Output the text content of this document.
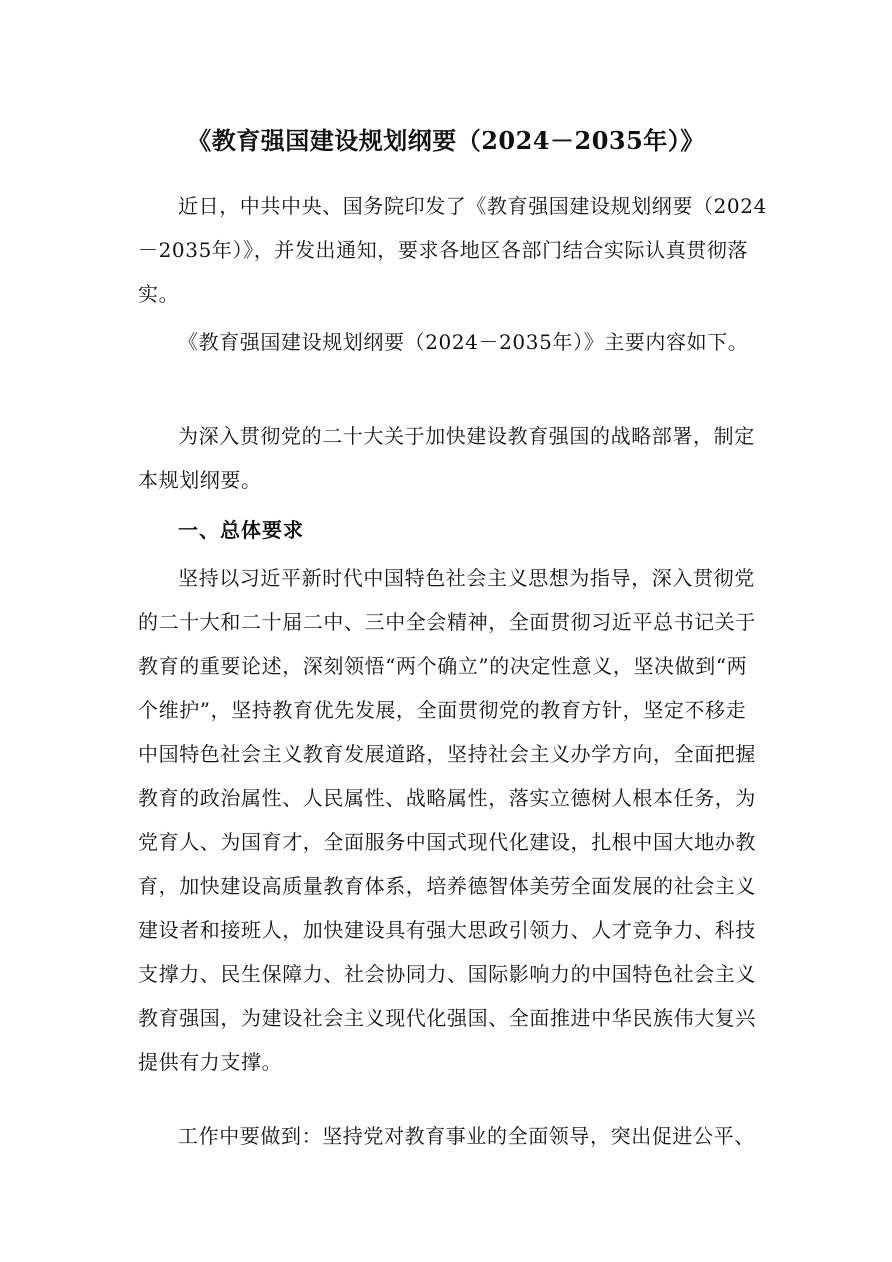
《教育强国建设规划纲要（2024－2035年）》
近日，中共中央、国务院印发了《教育强国建设规划纲要（2024
－2035年）》，并发出通知，要求各地区各部门结合实际认真贯彻落
实。
《教育强国建设规划纲要（2024－2035年）》主要内容如下。
为深入贯彻党的二十大关于加快建设教育强国的战略部署，制定
本规划纲要。
一、总体要求
坚持以习近平新时代中国特色社会主义思想为指导，深入贯彻党
的二十大和二十届二中、三中全会精神，全面贯彻习近平总书记关于
教育的重要论述，深刻领悟“两个确立”的决定性意义，坚决做到“两
个维护”，坚持教育优先发展，全面贯彻党的教育方针，坚定不移走
中国特色社会主义教育发展道路，坚持社会主义办学方向，全面把握
教育的政治属性、人民属性、战略属性，落实立德树人根本任务，为
党育人、为国育才，全面服务中国式现代化建设，扎根中国大地办教
育，加快建设高质量教育体系，培养德智体美劳全面发展的社会主义
建设者和接班人，加快建设具有强大思政引领力、人才竞争力、科技
支撑力、民生保障力、社会协同力、国际影响力的中国特色社会主义
教育强国，为建设社会主义现代化强国、全面推进中华民族伟大复兴
提供有力支撑。
工作中要做到：坚持党对教育事业的全面领导，突出促进公平、
